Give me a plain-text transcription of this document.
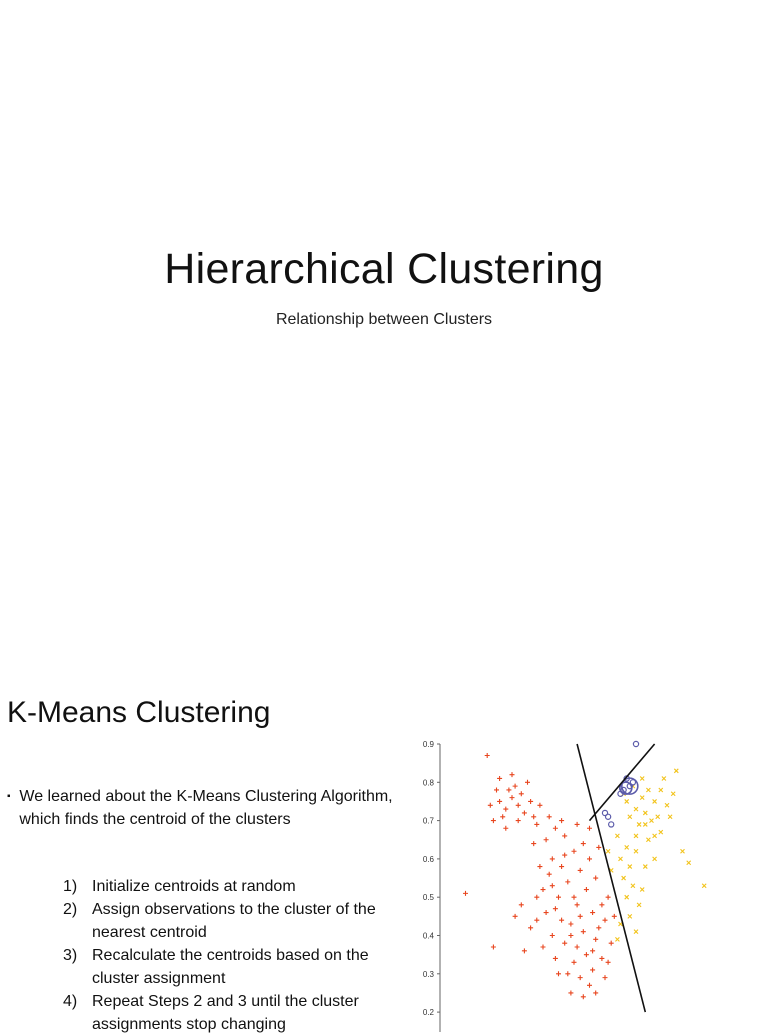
Hierarchical Clustering
Relationship between Clusters
K-Means Clustering
▪ We learned about the K-Means Clustering Algorithm, which finds the centroid of the clusters
1) Initialize centroids at random
2) Assign observations to the cluster of the nearest centroid
3) Recalculate the centroids based on the cluster assignment
4) Repeat Steps 2 and 3 until the cluster assignments stop changing
0.9
0.8
0.7
0.6
0.5
0.4
0.3
0.2
